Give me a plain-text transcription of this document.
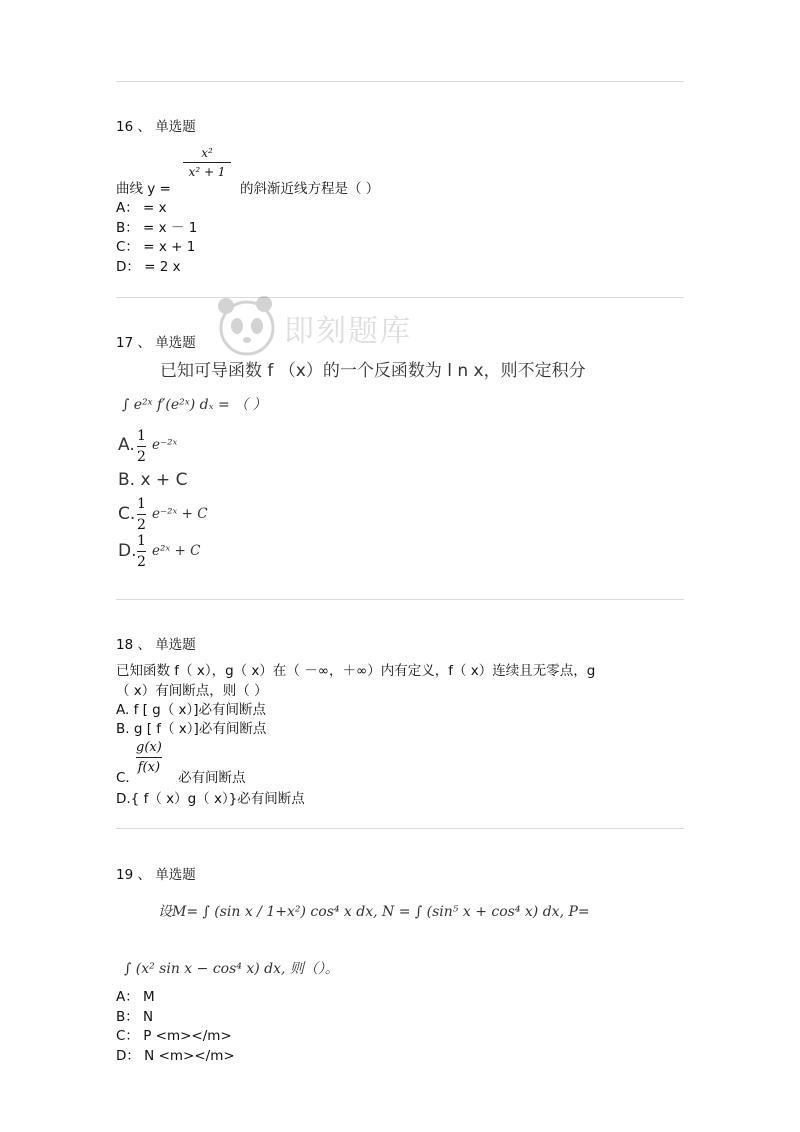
16 、 单选题
x²
x² + 1
曲线 y =	的斜渐近线方程是（ ）
A： = x
B： = x － 1
C： = x + 1
D： = 2 x
即刻题库
17 、 单选题
已知可导函数 f （x）的一个反函数为 l n x，则不定积分
∫ e²ˣ f′(e²ˣ) dₓ = （ ）
A. 1
2
e⁻²ˣ
B. x + C
C. 1
2
e⁻²ˣ + C
D. 1
2
e²ˣ + C
18 、 单选题
已知函数 f（ x），g（ x）在（ －∞，＋∞）内有定义，f（ x）连续且无零点，g
（ x）有间断点，则（ ）
A. f [ g（ x）]必有间断点
B. g [ f（ x）]必有间断点
g(x)
f(x)
C.	必有间断点
D.{ f（ x）g（ x）}必有间断点
19 、 单选题
设M= ∫ (sin x / 1+x²) cos⁴ x dx, N = ∫ (sin⁵ x + cos⁴ x) dx, P=
∫ (x² sin x − cos⁴ x) dx, 则（）。
A： M
B： N
C： P <m></m>
D： N <m></m>
